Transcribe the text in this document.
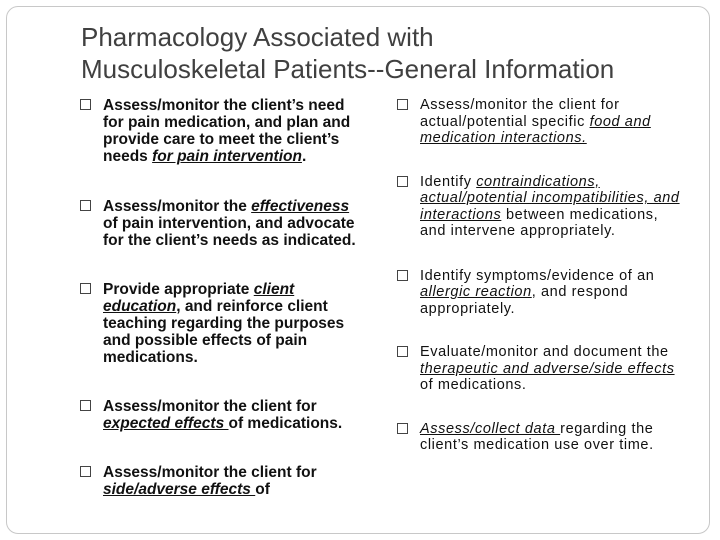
Pharmacology Associated with
Musculoskeletal Patients--General Information
Assess/monitor the client’s need for pain medication, and plan and provide care to meet the client’s needs for pain intervention.
Assess/monitor the effectiveness of pain intervention, and advocate for the client’s needs as indicated.
Provide appropriate client education, and reinforce client teaching regarding the purposes and possible effects of pain medications.
Assess/monitor the client for expected effects of medications.
Assess/monitor the client for side/adverse effects of
Assess/monitor the client for actual/potential specific food and medication interactions.
Identify contraindications, actual/potential incompatibilities, and interactions between medications, and intervene appropriately.
Identify symptoms/evidence of an allergic reaction, and respond appropriately.
Evaluate/monitor and document the therapeutic and adverse/side effects of medications.
Assess/collect data regarding the client’s medication use over time.
